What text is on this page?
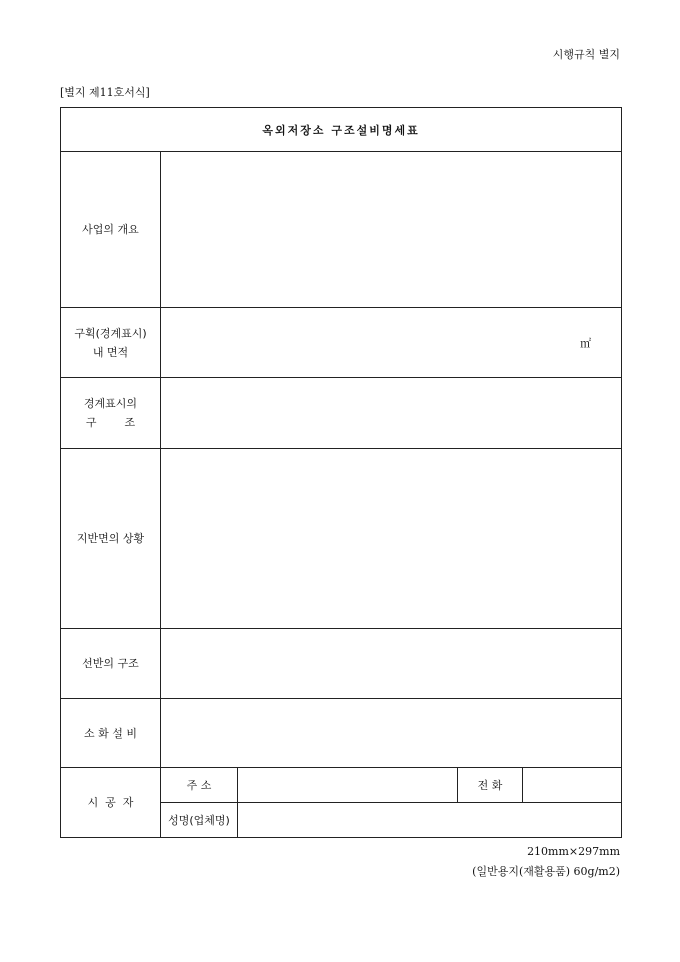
시행규칙 별지
[별지 제11호서식]
옥외저장소 구조설비명세표				
사업의 개요				
구획(경계표시)
내 면적	㎡			
경계표시의
구        조				
지반면의 상황				
선반의 구조				
소 화 설 비				
시  공  자	주 소		전 화	
	성명(업체명)			
210mm×297mm
(일반용지(재활용품) 60g/m2)
